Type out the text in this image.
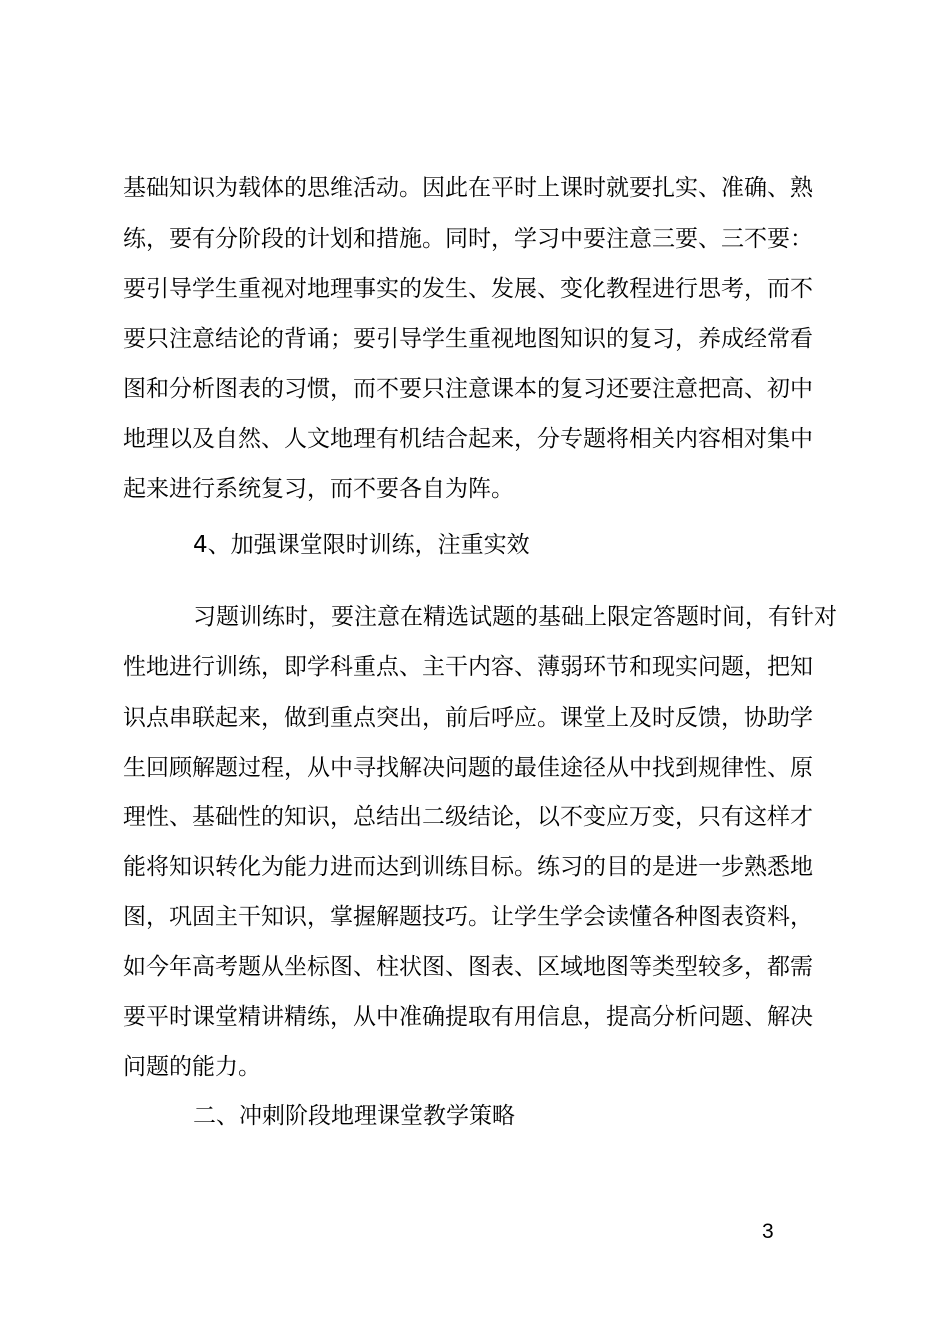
基础知识为载体的思维活动。因此在平时上课时就要扎实、准确、熟
练，要有分阶段的计划和措施。同时，学习中要注意三要、三不要：
要引导学生重视对地理事实的发生、发展、变化教程进行思考，而不
要只注意结论的背诵；要引导学生重视地图知识的复习，养成经常看
图和分析图表的习惯，而不要只注意课本的复习还要注意把高、初中
地理以及自然、人文地理有机结合起来，分专题将相关内容相对集中
起来进行系统复习，而不要各自为阵。
4、加强课堂限时训练，注重实效
习题训练时，要注意在精选试题的基础上限定答题时间，有针对
性地进行训练，即学科重点、主干内容、薄弱环节和现实问题，把知
识点串联起来，做到重点突出，前后呼应。课堂上及时反馈，协助学
生回顾解题过程，从中寻找解决问题的最佳途径从中找到规律性、原
理性、基础性的知识，总结出二级结论，以不变应万变，只有这样才
能将知识转化为能力进而达到训练目标。练习的目的是进一步熟悉地
图，巩固主干知识，掌握解题技巧。让学生学会读懂各种图表资料，
如今年高考题从坐标图、柱状图、图表、区域地图等类型较多，都需
要平时课堂精讲精练，从中准确提取有用信息，提高分析问题、解决
问题的能力。
二、冲刺阶段地理课堂教学策略
3
